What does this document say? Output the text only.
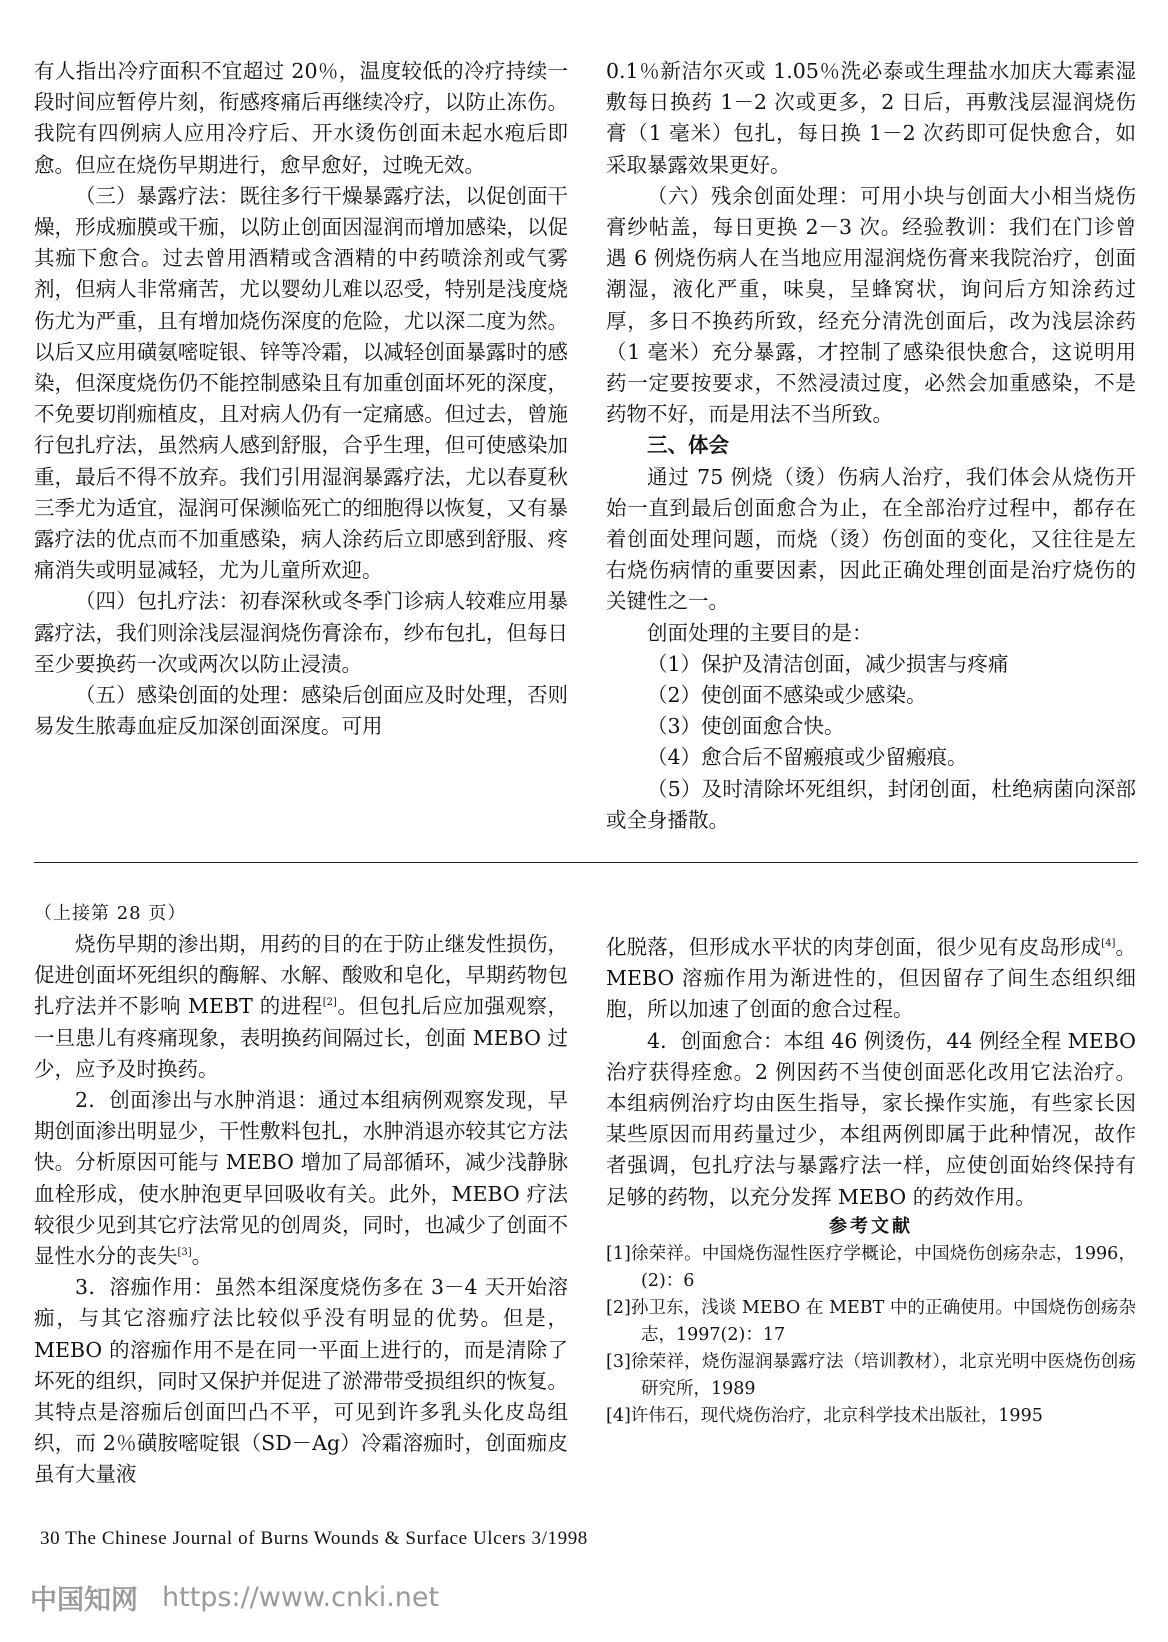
有人指出冷疗面积不宜超过 20％，温度较低的冷疗持续一段时间应暂停片刻，衔感疼痛后再继续冷疗，以防止冻伤。我院有四例病人应用冷疗后、开水烫伤创面未起水疱后即愈。但应在烧伤早期进行，愈早愈好，过晚无效。

（三）暴露疗法：既往多行干燥暴露疗法，以促创面干燥，形成痂膜或干痂，以防止创面因湿润而增加感染，以促其痂下愈合。过去曾用酒精或含酒精的中药喷涂剂或气雾剂，但病人非常痛苦，尤以婴幼儿难以忍受，特别是浅度烧伤尤为严重，且有增加烧伤深度的危险，尤以深二度为然。以后又应用磺氨嘧啶银、锌等冷霜，以减轻创面暴露时的感染，但深度烧伤仍不能控制感染且有加重创面坏死的深度，不免要切削痂植皮，且对病人仍有一定痛感。但过去，曾施行包扎疗法，虽然病人感到舒服，合乎生理，但可使感染加重，最后不得不放弃。我们引用湿润暴露疗法，尤以春夏秋三季尤为适宜，湿润可保濒临死亡的细胞得以恢复，又有暴露疗法的优点而不加重感染，病人涂药后立即感到舒服、疼痛消失或明显减轻，尤为儿童所欢迎。

（四）包扎疗法：初春深秋或冬季门诊病人较难应用暴露疗法，我们则涂浅层湿润烧伤膏涂布，纱布包扎，但每日至少要换药一次或两次以防止浸渍。

（五）感染创面的处理：感染后创面应及时处理，否则易发生脓毒血症反加深创面深度。可用

0.1％新洁尔灭或 1.05％洗必泰或生理盐水加庆大霉素湿敷每日换药 1－2 次或更多，2 日后，再敷浅层湿润烧伤膏（1 毫米）包扎，每日换 1－2 次药即可促快愈合，如采取暴露效果更好。

（六）残余创面处理：可用小块与创面大小相当烧伤膏纱帖盖，每日更换 2－3 次。经验教训：我们在门诊曾遇 6 例烧伤病人在当地应用湿润烧伤膏来我院治疗，创面潮湿，液化严重，味臭，呈蜂窝状，询问后方知涂药过厚，多日不换药所致，经充分清洗创面后，改为浅层涂药（1 毫米）充分暴露，才控制了感染很快愈合，这说明用药一定要按要求，不然浸渍过度，必然会加重感染，不是药物不好，而是用法不当所致。

三、体会

通过 75 例烧（烫）伤病人治疗，我们体会从烧伤开始一直到最后创面愈合为止，在全部治疗过程中，都存在着创面处理问题，而烧（烫）伤创面的变化，又往往是左右烧伤病情的重要因素，因此正确处理创面是治疗烧伤的关键性之一。

创面处理的主要目的是：

（1）保护及清洁创面，减少损害与疼痛

（2）使创面不感染或少感染。

（3）使创面愈合快。

（4）愈合后不留瘢痕或少留瘢痕。

（5）及时清除坏死组织，封闭创面，杜绝病菌向深部或全身播散。

（上接第 28 页）

烧伤早期的渗出期，用药的目的在于防止继发性损伤，促进创面坏死组织的酶解、水解、酸败和皂化，早期药物包扎疗法并不影响 MEBT 的进程[2]。但包扎后应加强观察，一旦患儿有疼痛现象，表明换药间隔过长，创面 MEBO 过少，应予及时换药。

2．创面渗出与水肿消退：通过本组病例观察发现，早期创面渗出明显少，干性敷料包扎，水肿消退亦较其它方法快。分析原因可能与 MEBO 增加了局部循环，减少浅静脉血栓形成，使水肿泡更早回吸收有关。此外，MEBO 疗法较很少见到其它疗法常见的创周炎，同时，也减少了创面不显性水分的丧失[3]。

3．溶痂作用：虽然本组深度烧伤多在 3－4 天开始溶痂，与其它溶痂疗法比较似乎没有明显的优势。但是，MEBO 的溶痂作用不是在同一平面上进行的，而是清除了坏死的组织，同时又保护并促进了淤滞带受损组织的恢复。其特点是溶痂后创面凹凸不平，可见到许多乳头化皮岛组织，而 2％磺胺嘧啶银（SD－Ag）冷霜溶痂时，创面痂皮虽有大量液

化脱落，但形成水平状的肉芽创面，很少见有皮岛形成[4]。MEBO 溶痂作用为渐进性的，但因留存了间生态组织细胞，所以加速了创面的愈合过程。

4．创面愈合：本组 46 例烫伤，44 例经全程 MEBO 治疗获得痊愈。2 例因药不当使创面恶化改用它法治疗。本组病例治疗均由医生指导，家长操作实施，有些家长因某些原因而用药量过少，本组两例即属于此种情况，故作者强调，包扎疗法与暴露疗法一样，应使创面始终保持有足够的药物，以充分发挥 MEBO 的药效作用。

参考文献

[1]徐荣祥。中国烧伤湿性医疗学概论，中国烧伤创疡杂志，1996，(2)：6

[2]孙卫东，浅谈 MEBO 在 MEBT 中的正确使用。中国烧伤创疡杂志，1997(2)：17

[3]徐荣祥，烧伤湿润暴露疗法（培训教材），北京光明中医烧伤创疡研究所，1989

[4]许伟石，现代烧伤治疗，北京科学技术出版社，1995

30 The Chinese Journal of Burns Wounds & Surface Ulcers 3/1998
中国知网 https://www.cnki.net
